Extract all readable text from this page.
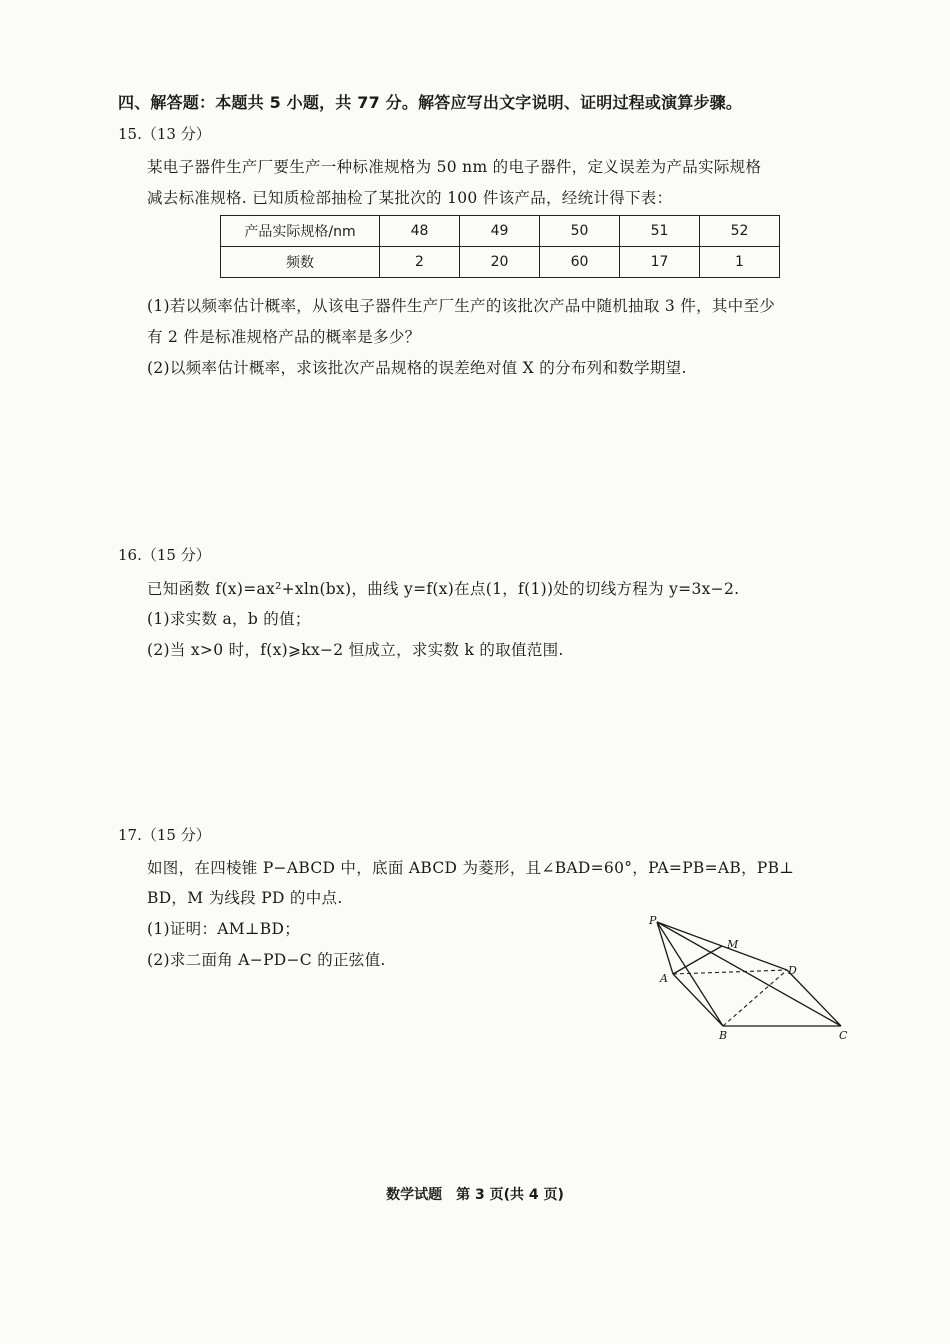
四、解答题：本题共 5 小题，共 77 分。解答应写出文字说明、证明过程或演算步骤。
15.（13 分）
某电子器件生产厂要生产一种标准规格为 50 nm 的电子器件，定义误差为产品实际规格
减去标准规格. 已知质检部抽检了某批次的 100 件该产品，经统计得下表：
产品实际规格/nm	48	49	50	51	52
频数	2	20	60	17	1
(1)若以频率估计概率，从该电子器件生产厂生产的该批次产品中随机抽取 3 件，其中至少
有 2 件是标准规格产品的概率是多少？
(2)以频率估计概率，求该批次产品规格的误差绝对值 X 的分布列和数学期望.
16.（15 分）
已知函数 f(x)=ax²+xln(bx)，曲线 y=f(x)在点(1，f(1))处的切线方程为 y=3x−2.
(1)求实数 a，b 的值；
(2)当 x>0 时，f(x)⩾kx−2 恒成立，求实数 k 的取值范围.
17.（15 分）
如图，在四棱锥 P−ABCD 中，底面 ABCD 为菱形，且∠BAD=60°，PA=PB=AB，PB⊥
BD，M 为线段 PD 的中点.
(1)证明：AM⊥BD；
(2)求二面角 A−PD−C 的正弦值.
P
M
A
D
B	C
数学试题　第 3 页(共 4 页)
